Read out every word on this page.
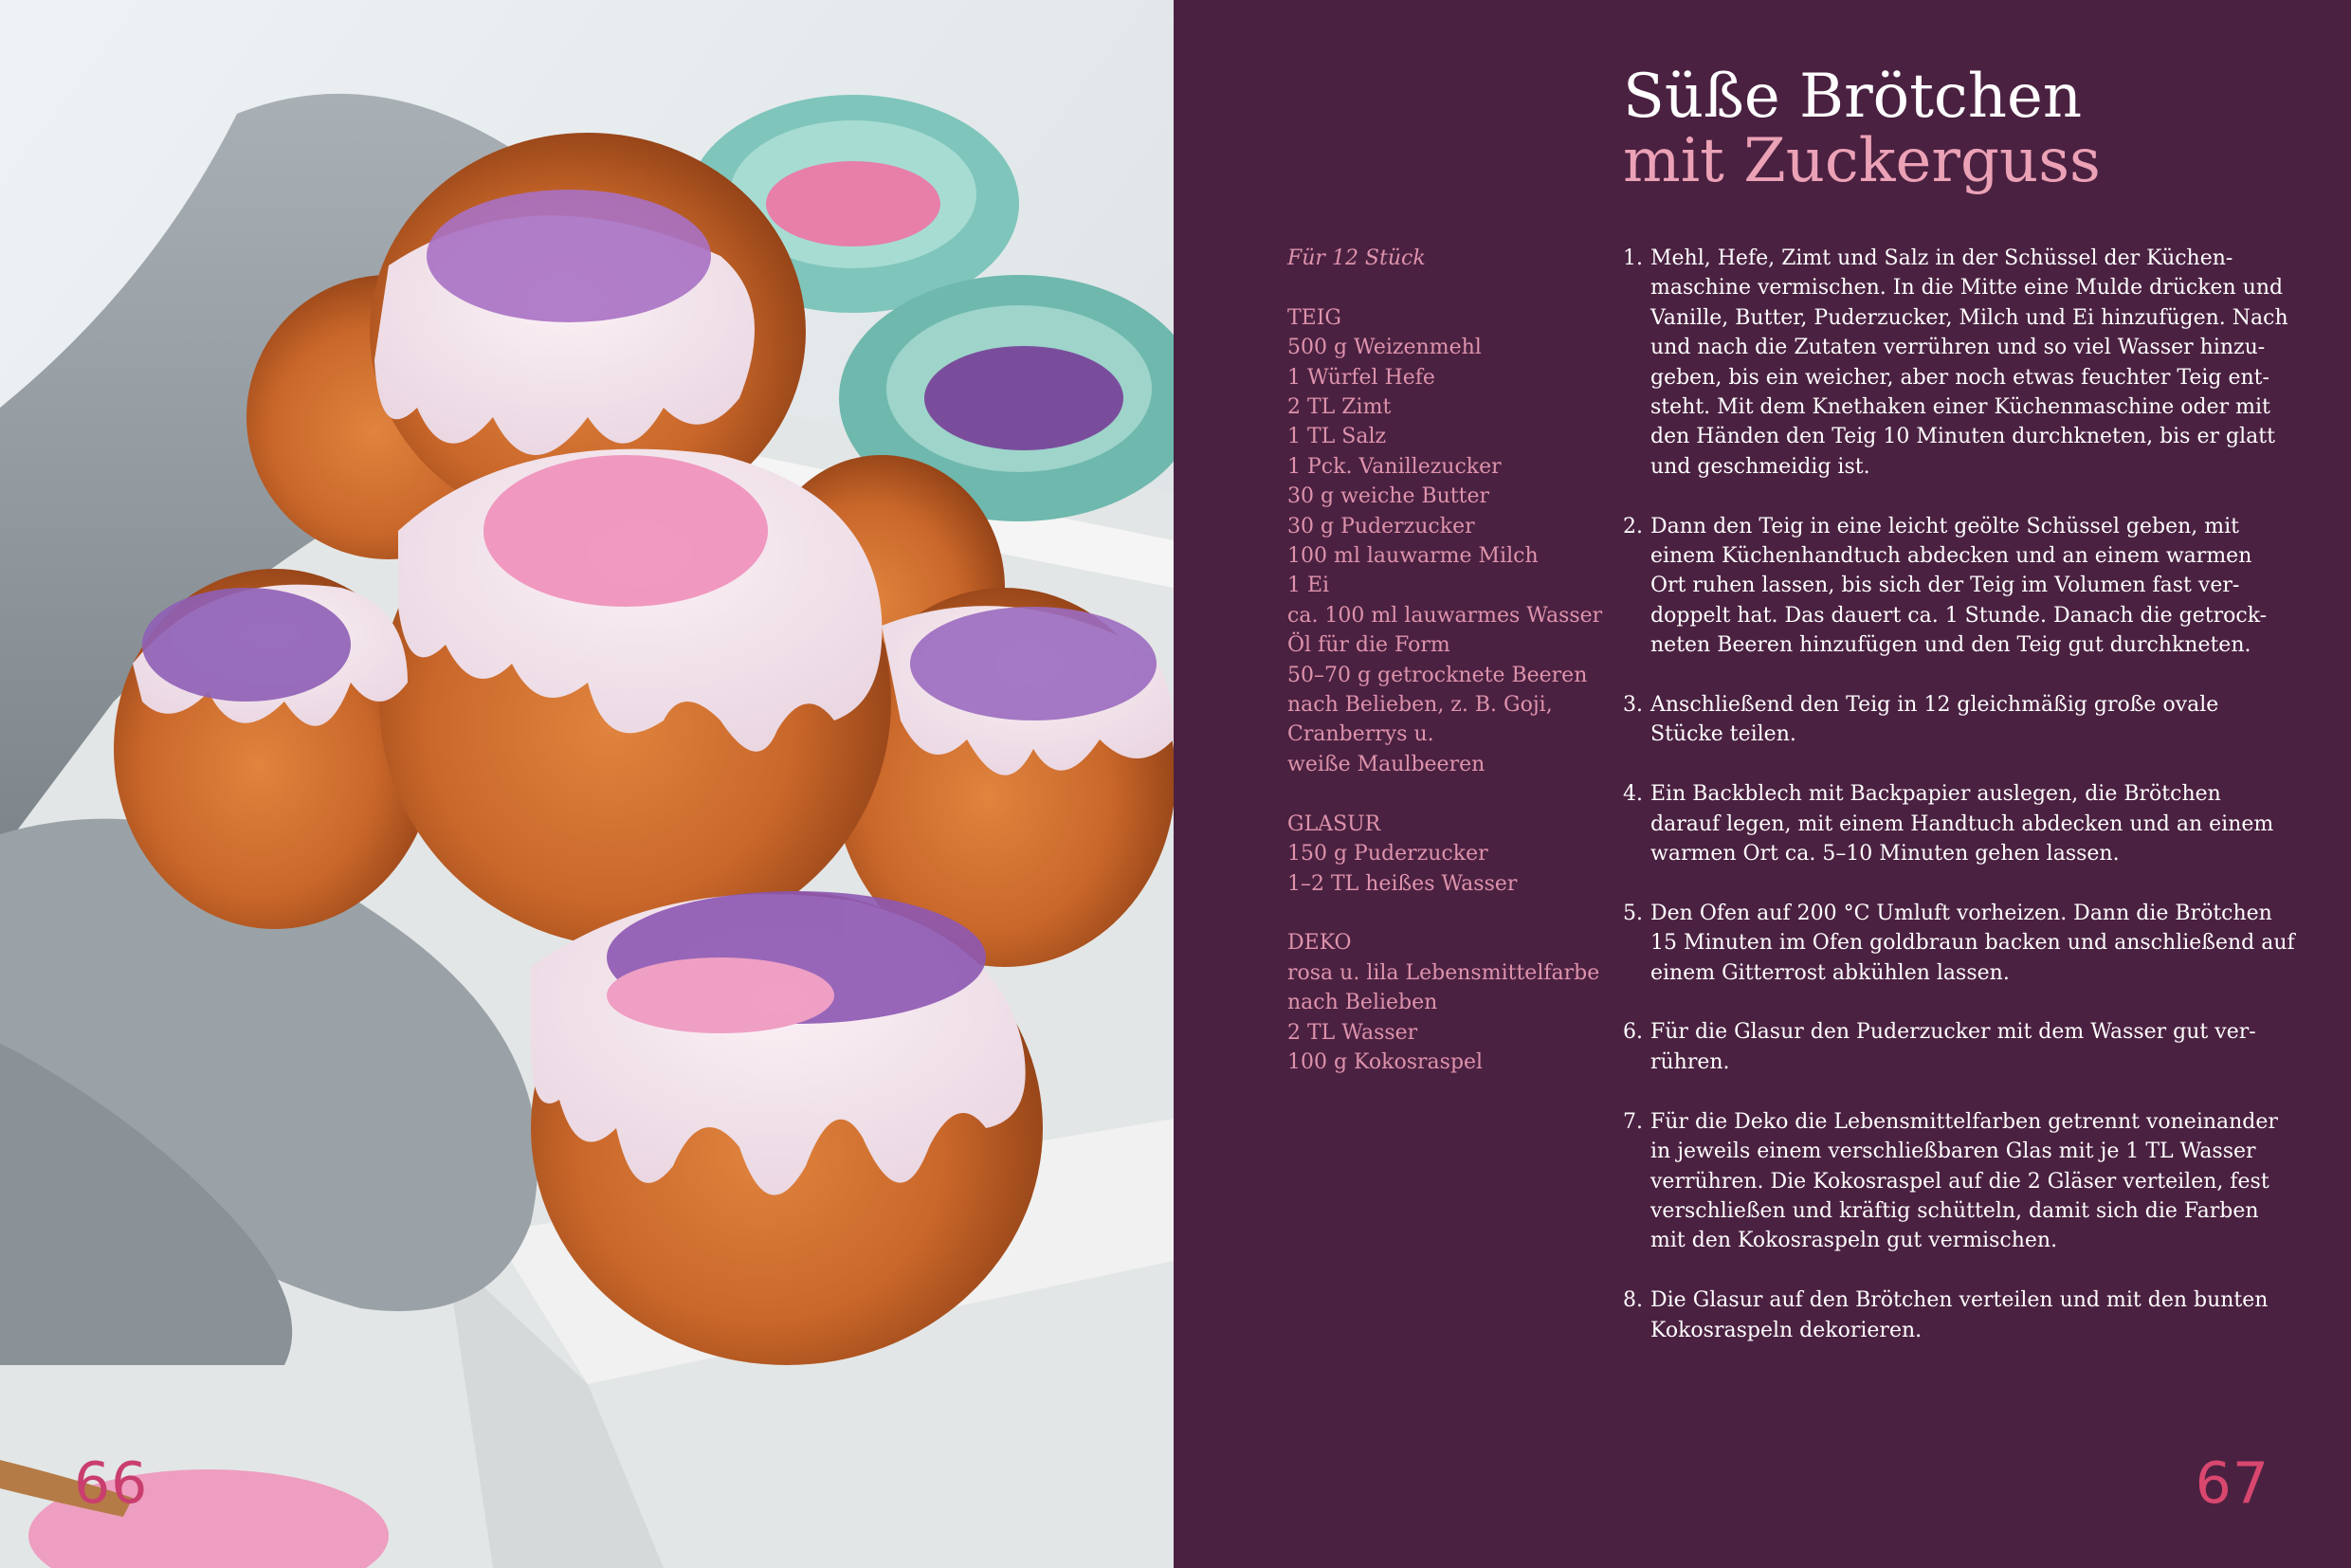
66
Süße Brötchen
mit Zuckerguss
Für 12 Stück
TEIG
500 g Weizenmehl
1 Würfel Hefe
2 TL Zimt
1 TL Salz
1 Pck. Vanillezucker
30 g weiche Butter
30 g Puderzucker
100 ml lauwarme Milch
1 Ei
ca. 100 ml lauwarmes Wasser
Öl für die Form
50–70 g getrocknete Beeren
nach Belieben, z. B. Goji,
Cranberrys u.
weiße Maulbeeren
GLASUR
150 g Puderzucker
1–2 TL heißes Wasser
DEKO
rosa u. lila Lebensmittelfarbe
nach Belieben
2 TL Wasser
100 g Kokosraspel
1. Mehl, Hefe, Zimt und Salz in der Schüssel der Küchen-
maschine vermischen. In die Mitte eine Mulde drücken und
Vanille, Butter, Puderzucker, Milch und Ei hinzufügen. Nach
und nach die Zutaten verrühren und so viel Wasser hinzu-
geben, bis ein weicher, aber noch etwas feuchter Teig ent-
steht. Mit dem Knethaken einer Küchenmaschine oder mit
den Händen den Teig 10 Minuten durchkneten, bis er glatt
und geschmeidig ist.
2. Dann den Teig in eine leicht geölte Schüssel geben, mit
einem Küchenhandtuch abdecken und an einem warmen
Ort ruhen lassen, bis sich der Teig im Volumen fast ver-
doppelt hat. Das dauert ca. 1 Stunde. Danach die getrock-
neten Beeren hinzufügen und den Teig gut durchkneten.
3. Anschließend den Teig in 12 gleichmäßig große ovale
Stücke teilen.
4. Ein Backblech mit Backpapier auslegen, die Brötchen
darauf legen, mit einem Handtuch abdecken und an einem
warmen Ort ca. 5–10 Minuten gehen lassen.
5. Den Ofen auf 200 °C Umluft vorheizen. Dann die Brötchen
15 Minuten im Ofen goldbraun backen und anschließend auf
einem Gitterrost abkühlen lassen.
6. Für die Glasur den Puderzucker mit dem Wasser gut ver-
rühren.
7. Für die Deko die Lebensmittelfarben getrennt voneinander
in jeweils einem verschließbaren Glas mit je 1 TL Wasser
verrühren. Die Kokosraspel auf die 2 Gläser verteilen, fest
verschließen und kräftig schütteln, damit sich die Farben
mit den Kokosraspeln gut vermischen.
8. Die Glasur auf den Brötchen verteilen und mit den bunten
Kokosraspeln dekorieren.
67
